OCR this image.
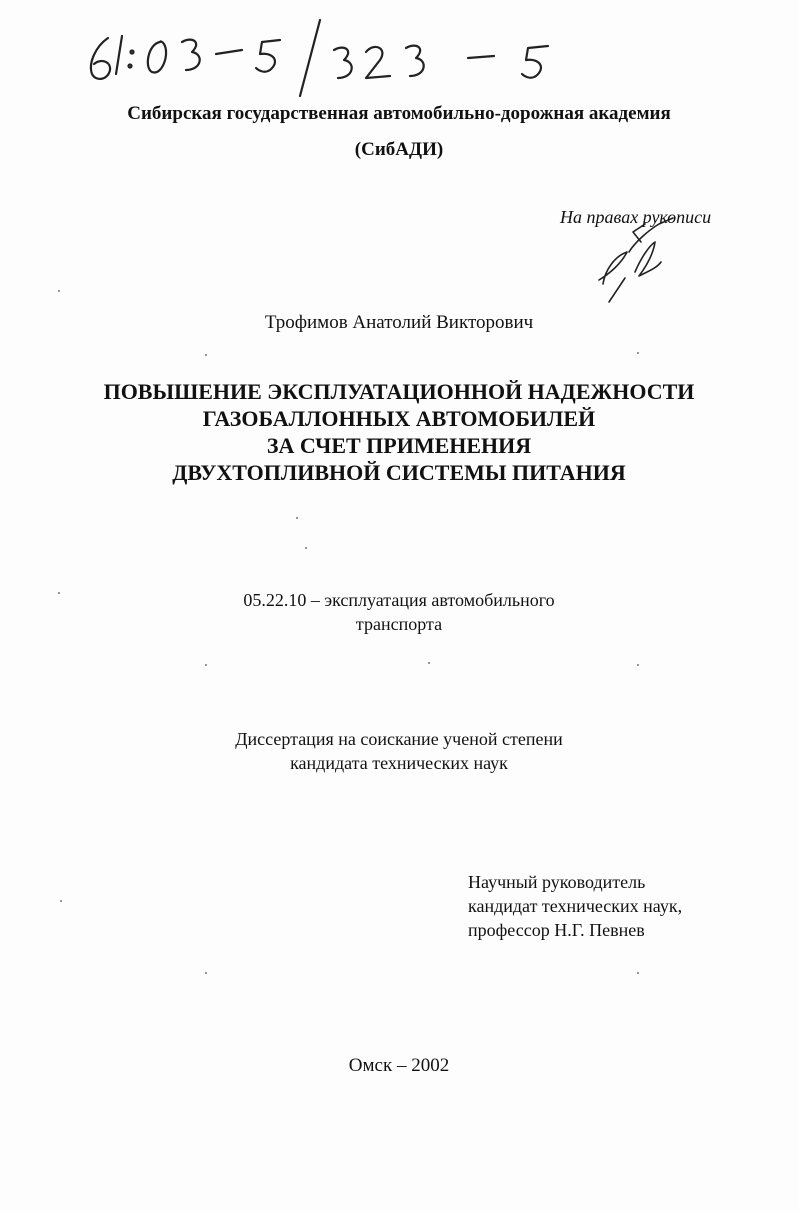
Сибирская государственная автомобильно-дорожная академия
(СибАДИ)
На правах рукописи
Трофимов Анатолий Викторович
ПОВЫШЕНИЕ ЭКСПЛУАТАЦИОННОЙ НАДЕЖНОСТИ
ГАЗОБАЛЛОННЫХ АВТОМОБИЛЕЙ
ЗА СЧЕТ ПРИМЕНЕНИЯ
ДВУХТОПЛИВНОЙ СИСТЕМЫ ПИТАНИЯ
05.22.10 – эксплуатация автомобильного
транспорта
Диссертация на соискание ученой степени
кандидата технических наук
Научный руководитель
кандидат технических наук,
профессор Н.Г. Певнев
Омск – 2002
